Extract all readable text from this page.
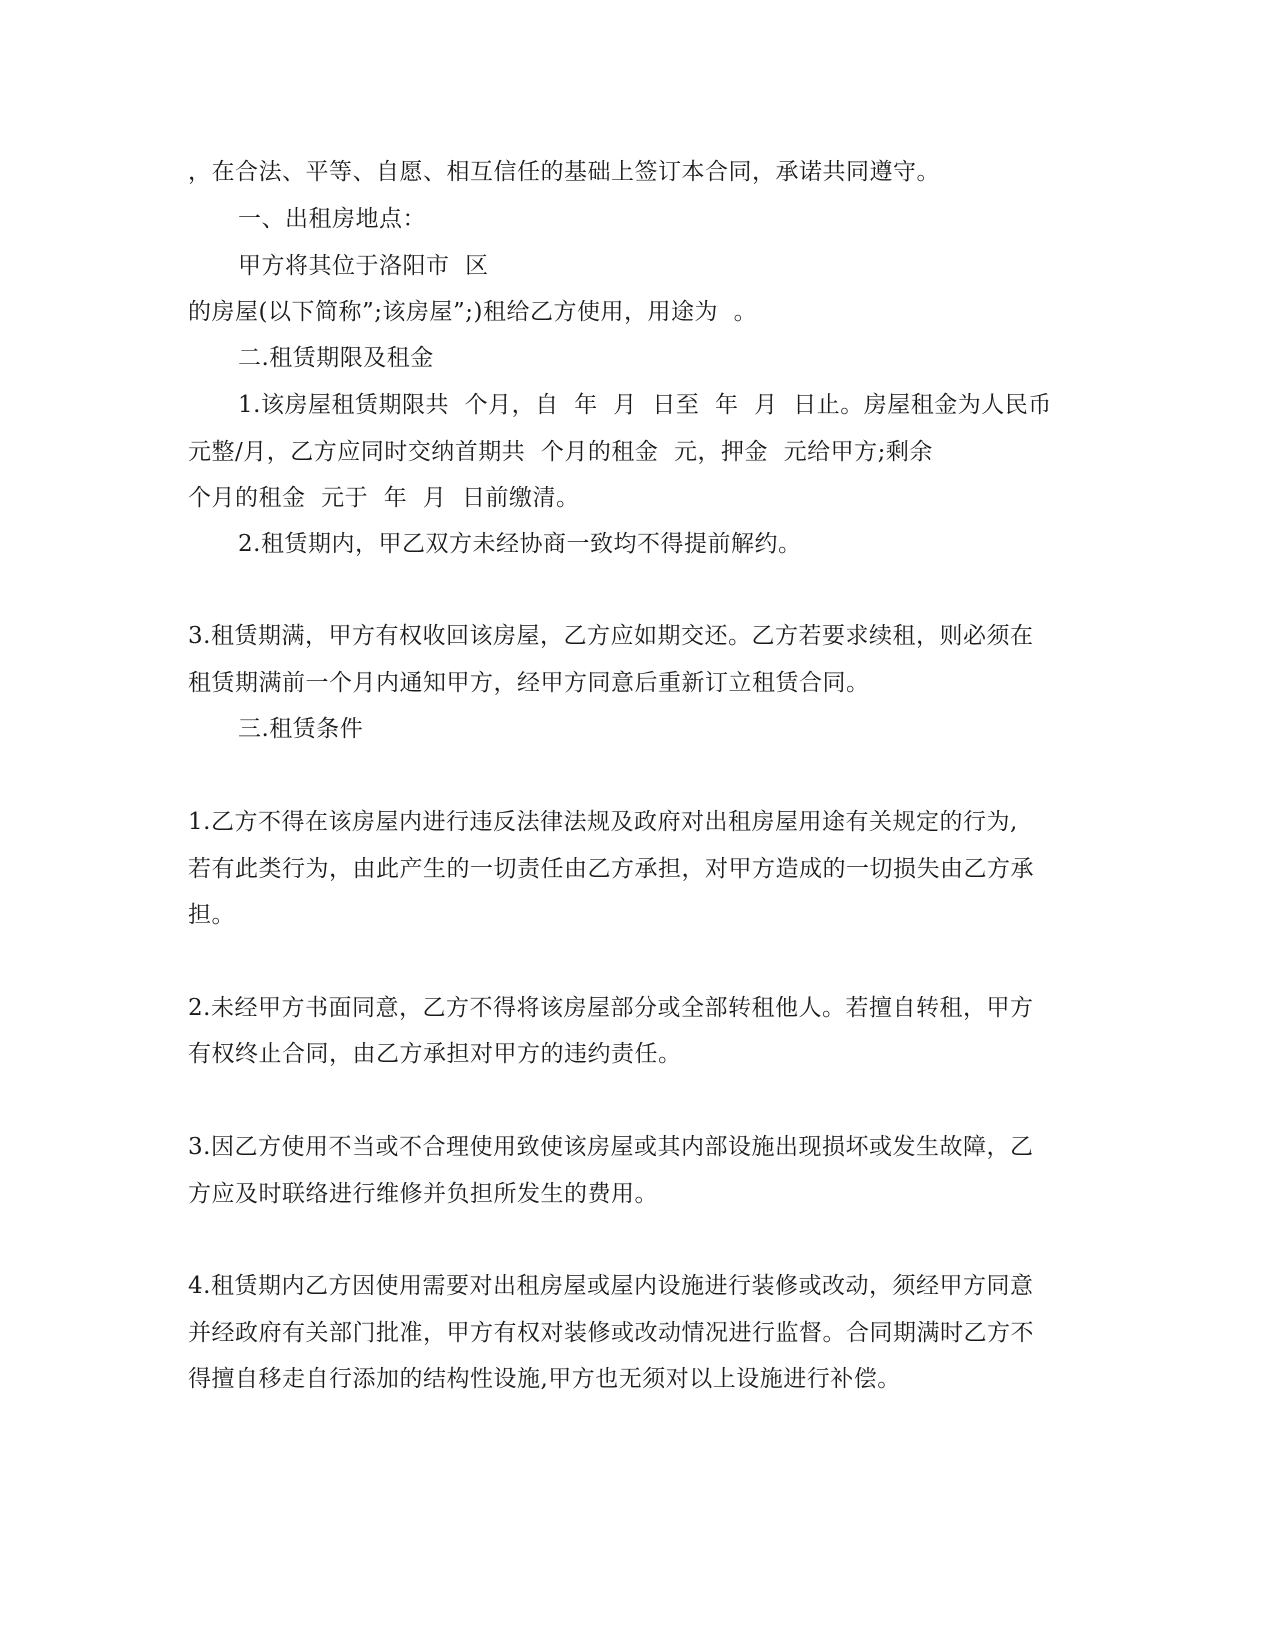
，在合法、平等、自愿、相互信任的基础上签订本合同，承诺共同遵守。
一、出租房地点：
甲方将其位于洛阳市  区
的房屋(以下简称”;该房屋”;)租给乙方使用，用途为  。
二.租赁期限及租金
1.该房屋租赁期限共  个月，自  年  月  日至  年  月  日止。房屋租金为人民币
元整/月，乙方应同时交纳首期共  个月的租金  元，押金  元给甲方;剩余
个月的租金  元于  年  月  日前缴清。
2.租赁期内，甲乙双方未经协商一致均不得提前解约。
3.租赁期满，甲方有权收回该房屋，乙方应如期交还。乙方若要求续租，则必须在
租赁期满前一个月内通知甲方，经甲方同意后重新订立租赁合同。
三.租赁条件
1.乙方不得在该房屋内进行违反法律法规及政府对出租房屋用途有关规定的行为,
若有此类行为，由此产生的一切责任由乙方承担，对甲方造成的一切损失由乙方承
担。
2.未经甲方书面同意，乙方不得将该房屋部分或全部转租他人。若擅自转租，甲方
有权终止合同，由乙方承担对甲方的违约责任。
3.因乙方使用不当或不合理使用致使该房屋或其内部设施出现损坏或发生故障，乙
方应及时联络进行维修并负担所发生的费用。
4.租赁期内乙方因使用需要对出租房屋或屋内设施进行装修或改动，须经甲方同意
并经政府有关部门批准，甲方有权对装修或改动情况进行监督。合同期满时乙方不
得擅自移走自行添加的结构性设施,甲方也无须对以上设施进行补偿。
